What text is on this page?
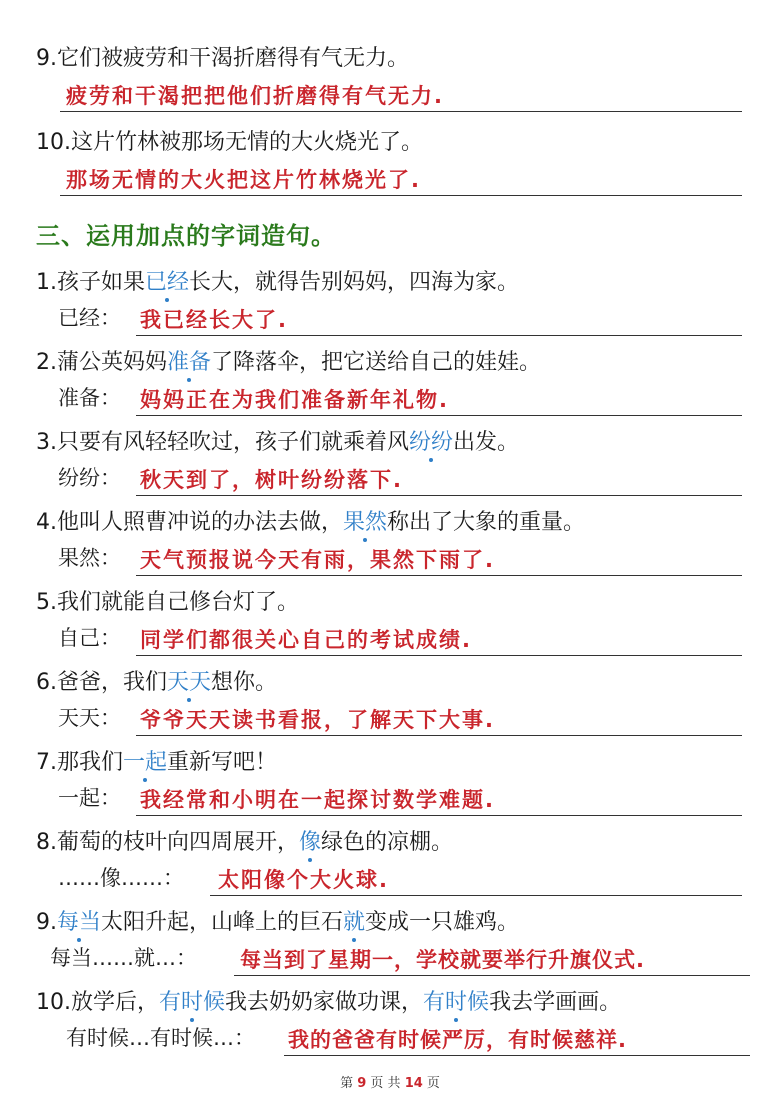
9.它们被疲劳和干渴折磨得有气无力。
疲劳和干渴把把他们折磨得有气无力.
10.这片竹林被那场无情的大火烧光了。
那场无情的大火把这片竹林烧光了.
三、运用加点的字词造句。
1.孩子如果已经长大，就得告别妈妈，四海为家。
已经： 我已经长大了.
2.蒲公英妈妈准备了降落伞，把它送给自己的娃娃。
准备： 妈妈正在为我们准备新年礼物.
3.只要有风轻轻吹过，孩子们就乘着风纷纷出发。
纷纷： 秋天到了，树叶纷纷落下.
4.他叫人照曹冲说的办法去做，果然称出了大象的重量。
果然： 天气预报说今天有雨，果然下雨了.
5.我们就能自己修台灯了。
自己： 同学们都很关心自己的考试成绩.
6.爸爸，我们天天想你。
天天： 爷爷天天读书看报，了解天下大事.
7.那我们一起重新写吧！
一起： 我经常和小明在一起探讨数学难题.
8.葡萄的枝叶向四周展开，像绿色的凉棚。
……像……： 太阳像个大火球.
9.每当太阳升起，山峰上的巨石就变成一只雄鸡。
每当……就…： 每当到了星期一，学校就要举行升旗仪式.
10.放学后，有时候我去奶奶家做功课，有时候我去学画画。
有时候…有时候…： 我的爸爸有时候严厉，有时候慈祥.
第 9 页 共 14 页
